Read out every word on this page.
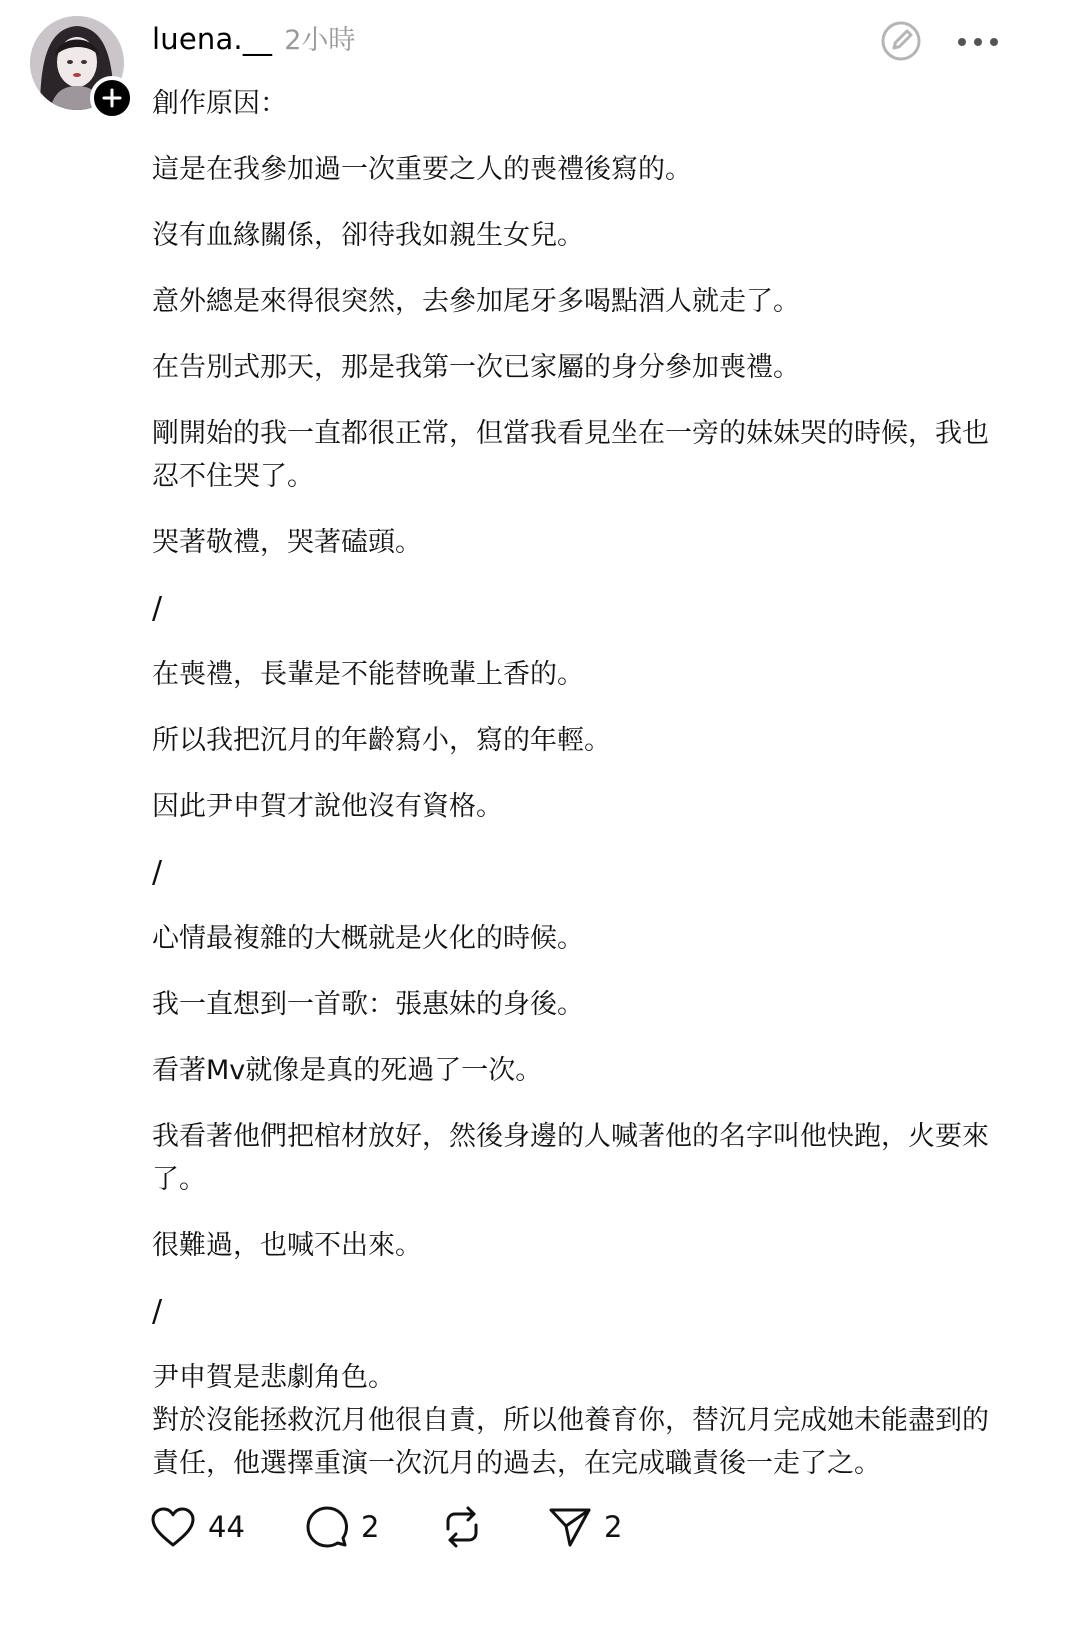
luena.__ 2小時

創作原因：

這是在我參加過一次重要之人的喪禮後寫的。

沒有血緣關係，卻待我如親生女兒。

意外總是來得很突然，去參加尾牙多喝點酒人就走了。

在告別式那天，那是我第一次已家屬的身分參加喪禮。

剛開始的我一直都很正常，但當我看見坐在一旁的妹妹哭的時候，我也忍不住哭了。

哭著敬禮，哭著磕頭。

/

在喪禮，長輩是不能替晚輩上香的。

所以我把沉月的年齡寫小，寫的年輕。

因此尹申賀才說他沒有資格。

/

心情最複雜的大概就是火化的時候。

我一直想到一首歌：張惠妹的身後。

看著Mv就像是真的死過了一次。

我看著他們把棺材放好，然後身邊的人喊著他的名字叫他快跑，火要來了。

很難過，也喊不出來。

/

尹申賀是悲劇角色。
對於沒能拯救沉月他很自責，所以他養育你，替沉月完成她未能盡到的責任，他選擇重演一次沉月的過去，在完成職責後一走了之。

44	2	2
